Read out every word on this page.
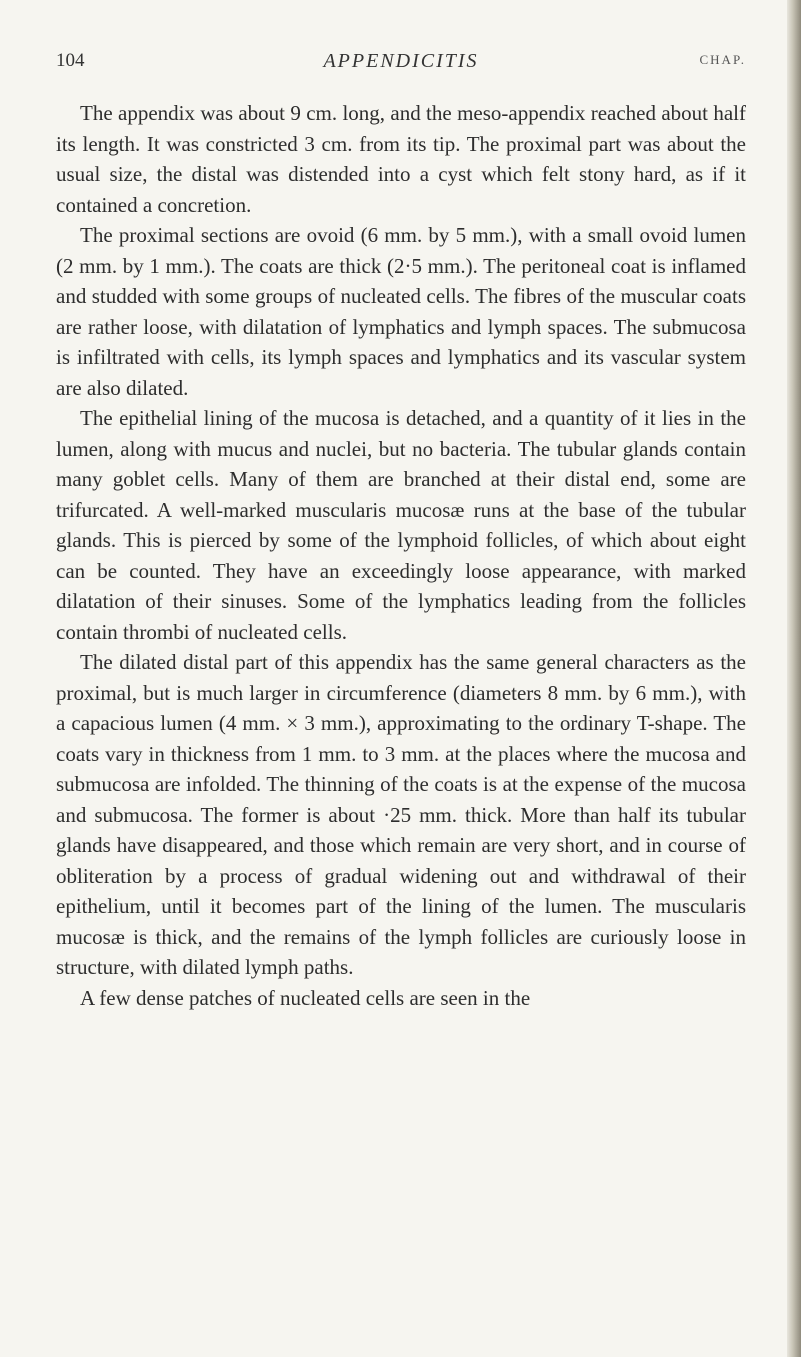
104	APPENDICITIS	CHAP.

The appendix was about 9 cm. long, and the meso-appendix reached about half its length. It was constricted 3 cm. from its tip. The proximal part was about the usual size, the distal was distended into a cyst which felt stony hard, as if it contained a concretion.

The proximal sections are ovoid (6 mm. by 5 mm.), with a small ovoid lumen (2 mm. by 1 mm.). The coats are thick (2·5 mm.). The peritoneal coat is inflamed and studded with some groups of nucleated cells. The fibres of the muscular coats are rather loose, with dilatation of lymphatics and lymph spaces. The submucosa is infiltrated with cells, its lymph spaces and lymphatics and its vascular system are also dilated.

The epithelial lining of the mucosa is detached, and a quantity of it lies in the lumen, along with mucus and nuclei, but no bacteria. The tubular glands contain many goblet cells. Many of them are branched at their distal end, some are trifurcated. A well-marked muscularis mucosæ runs at the base of the tubular glands. This is pierced by some of the lymphoid follicles, of which about eight can be counted. They have an exceedingly loose appearance, with marked dilatation of their sinuses. Some of the lymphatics leading from the follicles contain thrombi of nucleated cells.

The dilated distal part of this appendix has the same general characters as the proximal, but is much larger in circumference (diameters 8 mm. by 6 mm.), with a capacious lumen (4 mm. × 3 mm.), approximating to the ordinary T-shape. The coats vary in thickness from 1 mm. to 3 mm. at the places where the mucosa and submucosa are infolded. The thinning of the coats is at the expense of the mucosa and submucosa. The former is about ·25 mm. thick. More than half its tubular glands have disappeared, and those which remain are very short, and in course of obliteration by a process of gradual widening out and withdrawal of their epithelium, until it becomes part of the lining of the lumen. The muscularis mucosæ is thick, and the remains of the lymph follicles are curiously loose in structure, with dilated lymph paths.

A few dense patches of nucleated cells are seen in the
